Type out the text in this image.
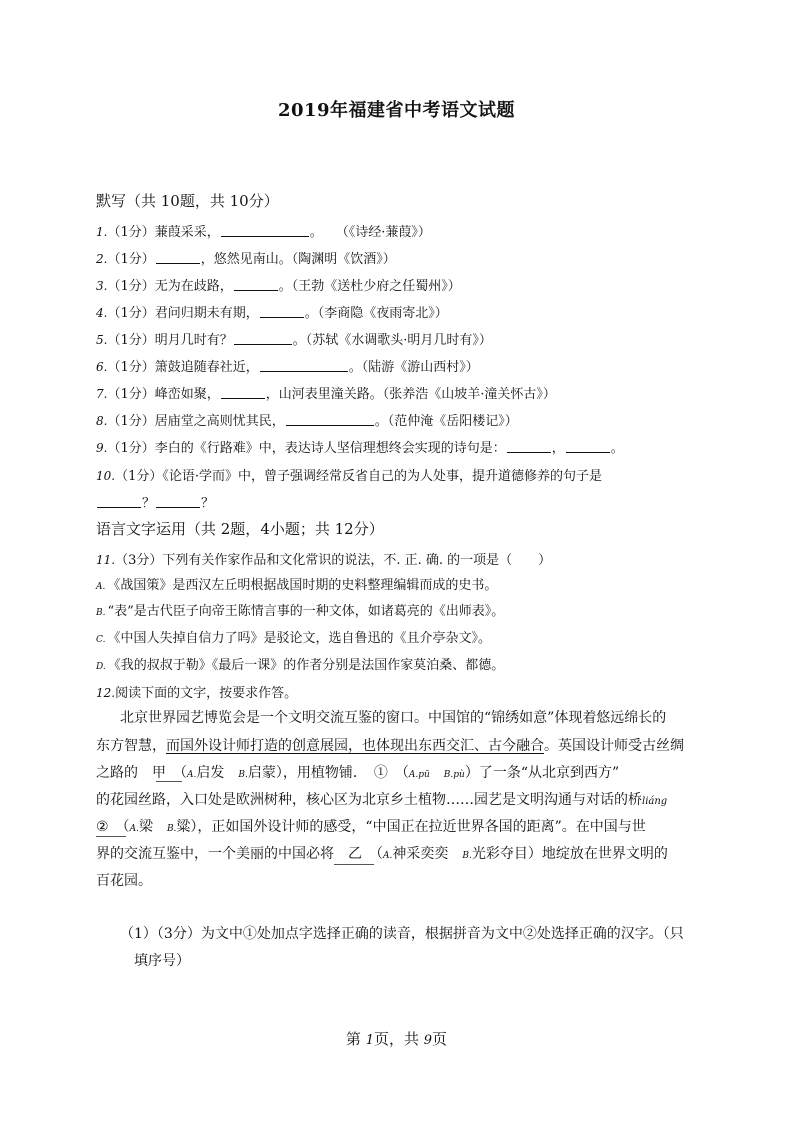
2019年福建省中考语文试题
默写（共 10题，共 10分）
1.（1分）蒹葭采采，	。　　（《诗经·蒹葭》）
2.（1分）	，悠然见南山。（陶渊明《饮酒》）
3.（1分）无为在歧路，	。（王勃《送杜少府之任蜀州》）
4.（1分）君问归期未有期，	。（李商隐《夜雨寄北》）
5.（1分）明月几时有？	。（苏轼《水调歌头·明月几时有》）
6.（1分）箫鼓追随春社近，	。（陆游《游山西村》）
7.（1分）峰峦如聚，	，山河表里潼关路。（张养浩《山坡羊·潼关怀古》）
8.（1分）居庙堂之高则忧其民，	。（范仲淹《岳阳楼记》）
9.（1分）李白的《行路难》中，表达诗人坚信理想终会实现的诗句是：	，	。
10.（1分）《论语·学而》中，曾子强调经常反省自己的为人处事，提升道德修养的句子是
？	？
语言文字运用（共 2题，4小题；共 12分）
11.（3分）下列有关作家作品和文化常识的说法，不. 正. 确. 的一项是（　　）
A. 《战国策》是西汉左丘明根据战国时期的史料整理编辑而成的史书。
B. “表”是古代臣子向帝王陈情言事的一种文体，如诸葛亮的《出师表》。
C. 《中国人失掉自信力了吗》是驳论文，选自鲁迅的《且介亭杂文》。
D. 《我的叔叔于勒》《最后一课》的作者分别是法国作家莫泊桑、都德。
12.阅读下面的文字，按要求作答。
北京世界园艺博览会是一个文明交流互鉴的窗口。中国馆的“锦绣如意”体现着悠远绵长的
东方智慧，而国外设计师打造的创意展园，也体现出东西交汇、古今融合。英国设计师受古丝绸
之路的　甲　（A.启发　B.启蒙），用植物铺．　①　（A.pū　 B.pù）了一条“从北京到西方”
的花园丝路，入口处是欧洲树种，核心区为北京乡土植物……园艺是文明沟通与对话的桥liáng
②　（A.梁　B.粱），正如国外设计师的感受，“中国正在拉近世界各国的距离”。在中国与世
界的交流互鉴中，一个美丽的中国必将　乙　（A.神采奕奕　B.光彩夺目）地绽放在世界文明的
百花园。
（1）（3分）为文中①处加点字选择正确的读音，根据拼音为文中②处选择正确的汉字。（只
填序号）
第 1页，共 9页
